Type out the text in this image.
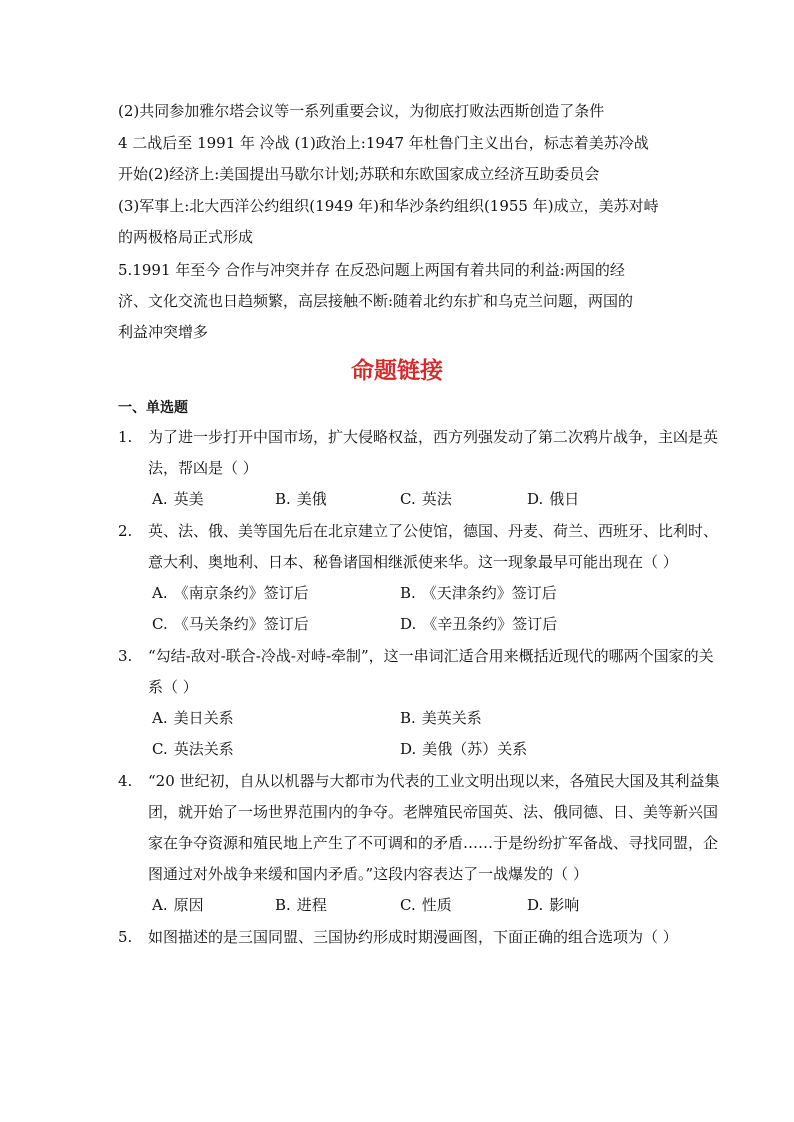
(2)共同参加雅尔塔会议等一系列重要会议，为彻底打败法西斯创造了条件
4 二战后至 1991 年 冷战 (1)政治上:1947 年杜鲁门主义出台，标志着美苏冷战
开始(2)经济上:美国提出马歇尔计划;苏联和东欧国家成立经济互助委员会
(3)军事上:北大西洋公约组织(1949 年)和华沙条约组织(1955 年)成立，美苏对峙
的两极格局正式形成
5.1991 年至今 合作与冲突并存 在反恐问题上两国有着共同的利益:两国的经
济、文化交流也日趋频繁，高层接触不断:随着北约东扩和乌克兰问题，两国的
利益冲突增多
命题链接
一、单选题
1. 为了进一步打开中国市场，扩大侵略权益，西方列强发动了第二次鸦片战争，主凶是英
法，帮凶是（ ）
A. 英美	B. 美俄	C. 英法	D. 俄日
2. 英、法、俄、美等国先后在北京建立了公使馆，德国、丹麦、荷兰、西班牙、比利时、
意大利、奥地利、日本、秘鲁诸国相继派使来华。这一现象最早可能出现在（ ）
A. 《南京条约》签订后	B. 《天津条约》签订后
C. 《马关条约》签订后	D. 《辛丑条约》签订后
3. “勾结-敌对-联合-冷战-对峙-牵制”，这一串词汇适合用来概括近现代的哪两个国家的关
系（ ）
A. 美日关系	B. 美英关系
C. 英法关系	D. 美俄（苏）关系
4. “20 世纪初，自从以机器与大都市为代表的工业文明出现以来，各殖民大国及其利益集
团，就开始了一场世界范围内的争夺。老牌殖民帝国英、法、俄同德、日、美等新兴国
家在争夺资源和殖民地上产生了不可调和的矛盾……于是纷纷扩军备战、寻找同盟，企
图通过对外战争来缓和国内矛盾。”这段内容表达了一战爆发的（ ）
A. 原因	B. 进程	C. 性质	D. 影响
5. 如图描述的是三国同盟、三国协约形成时期漫画图，下面正确的组合选项为（ ）
